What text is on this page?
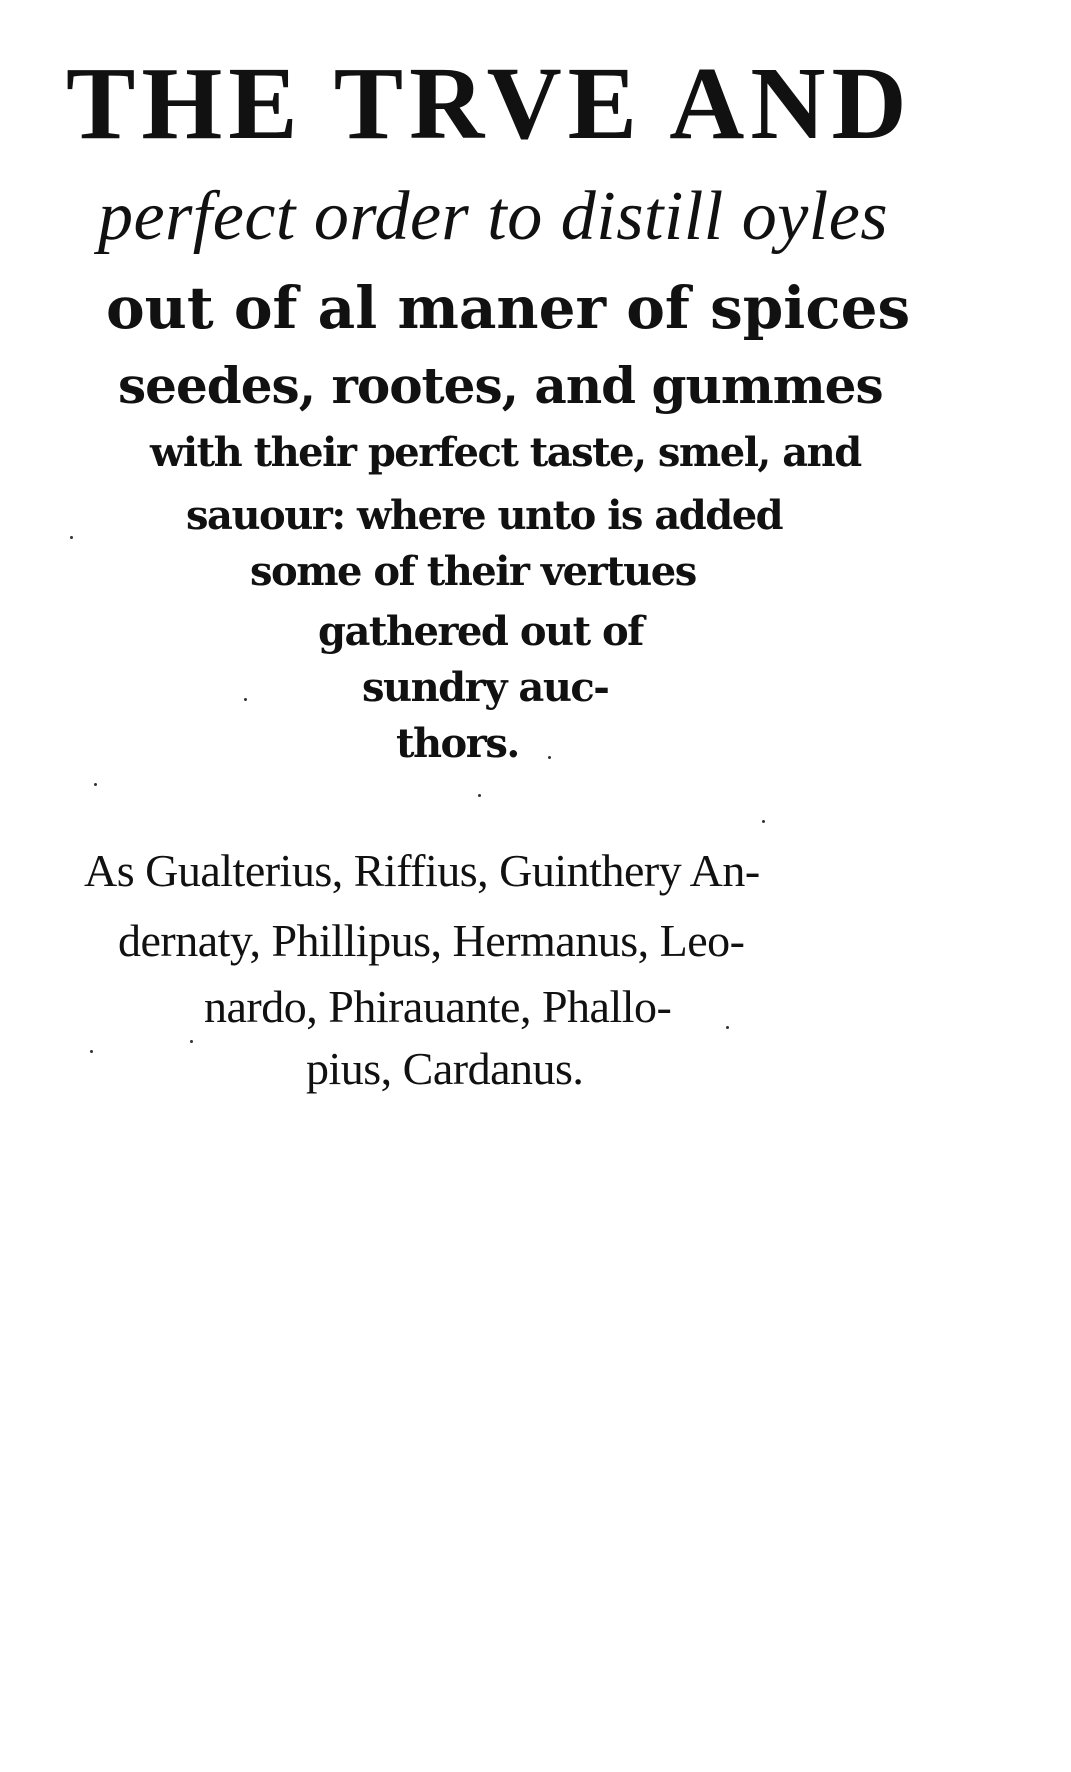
THE TRVE AND

perfect order to distill oyles

out of al maner of spices

seedes, rootes, and gummes

with their perfect taste, smel, and

sauour: where unto is added

some of their vertues

gathered out of

sundry auc-

thors.

As Gualterius, Riffius, Guinthery An-

dernaty, Phillipus, Hermanus, Leo-

nardo, Phirauante, Phallo-

pius, Cardanus.
